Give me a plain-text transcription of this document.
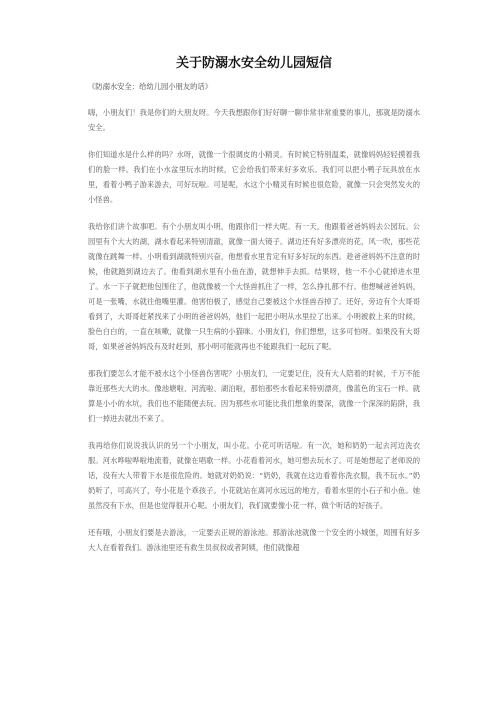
关于防溺水安全幼儿园短信

《防溺水安全：给幼儿园小朋友的话》

嗨，小朋友们！我是你们的大朋友呀。今天我想跟你们好好聊一聊非常非常重要的事儿，那就是防溺水安全。

你们知道水是什么样的吗？水呀，就像一个很调皮的小精灵。有时候它特别温柔，就像妈妈轻轻摸着我们的脸一样。我们在小水盆里玩水的时候，它会给我们带来好多欢乐。我们可以把小鸭子玩具放在水里，看着小鸭子游来游去，可好玩啦。可是呢，水这个小精灵有时候也很危险，就像一只会突然发火的小怪兽。

我给你们讲个故事吧。有个小朋友叫小明，他跟你们一样大呢。有一天，他跟着爸爸妈妈去公园玩。公园里有个大大的湖，湖水看起来特别清澈，就像一面大镜子。湖边还有好多漂亮的花，风一吹，那些花就像在跳舞一样。小明看到湖就特别兴奋，他想看水里肯定有好多好玩的东西。趁爸爸妈妈不注意的时候，他就跑到湖边去了。他看到湖水里有小鱼在游，就想伸手去抓。结果呀，他一不小心就掉进水里了。水一下子就把他包围住了，他就像被一个大怪兽抓住了一样，怎么挣扎都不行。他想喊爸爸妈妈，可是一张嘴，水就往他嘴里灌。他害怕极了，感觉自己要被这个水怪兽吞掉了。还好，旁边有个大哥哥看到了，大哥哥赶紧找来了小明的爸爸妈妈，他们一起把小明从水里拉了出来。小明被救上来的时候，脸色白白的，一直在咳嗽，就像一只生病的小猫咪。小朋友们，你们想想，这多可怕呀。如果没有大哥哥，如果爸爸妈妈没有及时赶到，那小明可能就再也不能跟我们一起玩了呢。

那我们要怎么才能不被水这个小怪兽伤害呢？小朋友们，一定要记住，没有大人陪着的时候，千万不能靠近那些大大的水。像池塘啦、河流啦、湖泊啦，那怕那些水看起来特别漂亮，像蓝色的宝石一样。就算是小小的水坑，我们也不能随便去玩。因为那些水可能比我们想象的要深，就像一个深深的陷阱，我们一掉进去就出不来了。

我再给你们说说我认识的另一个小朋友，叫小花。小花可听话啦。有一次，她和奶奶一起去河边洗衣服。河水哗啦哗啦地流着，就像在唱歌一样。小花看着河水，她可想去玩水了。可是她想起了老师说的话，没有大人带着下水是很危险的。她就对奶奶说：“奶奶，我就在这边看着你洗衣服，我不玩水。”奶奶听了，可高兴了，夸小花是个乖孩子。小花就站在离河水远远的地方，看着水里的小石子和小鱼。她虽然没有下水，但是也觉得很开心呢。小朋友们，我们就要像小花一样，做个听话的好孩子。

还有哦，小朋友们要是去游泳，一定要去正规的游泳池。那游泳池就像一个安全的小城堡，周围有好多大人在看着我们。游泳池里还有救生员叔叔或者阿姨，他们就像超
